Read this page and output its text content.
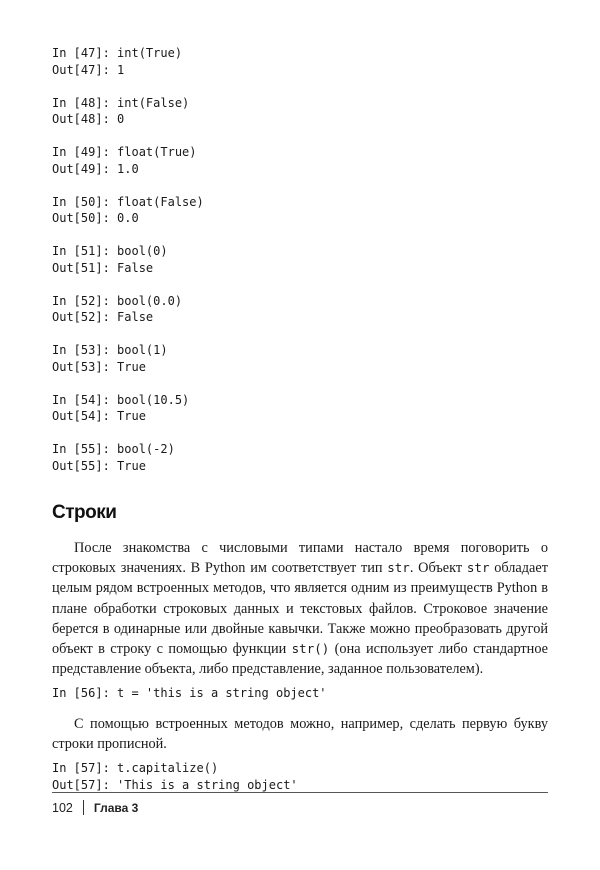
In [47]: int(True)
Out[47]: 1
In [48]: int(False)
Out[48]: 0
In [49]: float(True)
Out[49]: 1.0
In [50]: float(False)
Out[50]: 0.0
In [51]: bool(0)
Out[51]: False
In [52]: bool(0.0)
Out[52]: False
In [53]: bool(1)
Out[53]: True
In [54]: bool(10.5)
Out[54]: True
In [55]: bool(-2)
Out[55]: True
Строки

После знакомства с числовыми типами настало время поговорить о строковых значениях. В Python им соответствует тип str. Объект str обладает целым рядом встроенных методов, что является одним из преимуществ Python в плане обработки строковых данных и текстовых файлов. Строковое значение берется в одинарные или двойные кавычки. Также можно преобразовать другой объект в строку с помощью функции str() (она использует либо стандартное представление объекта, либо представление, заданное пользователем).

In [56]: t = 'this is a string object'

С помощью встроенных методов можно, например, сделать первую букву строки прописной.

In [57]: t.capitalize()
Out[57]: 'This is a string object'
102 Глава 3
